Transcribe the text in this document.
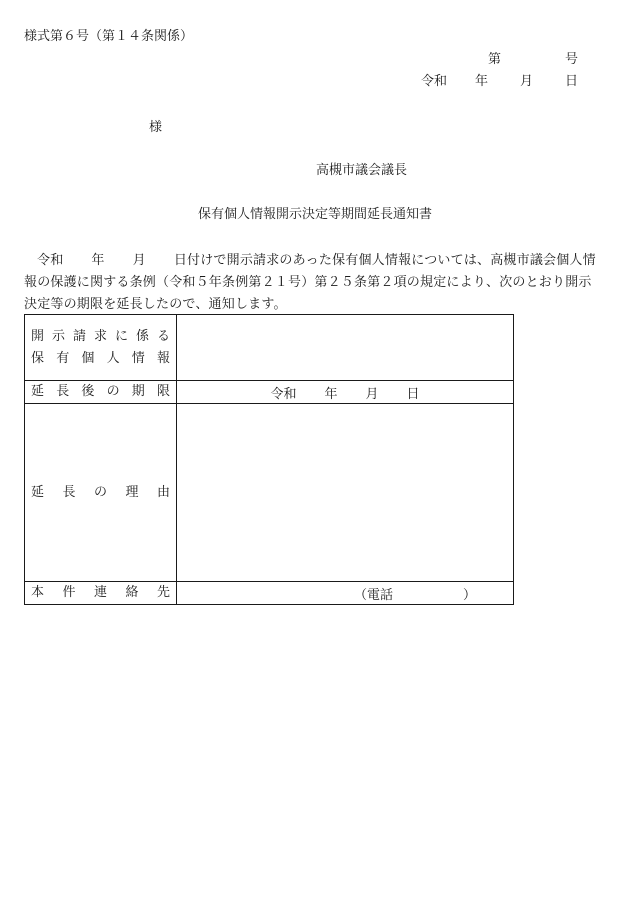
様式第６号（第１４条関係）
第	号
令和 年 月 日
様
高槻市議会議長
保有個人情報開示決定等期間延長通知書
令和 年 月 日付けで開示請求のあった保有個人情報については、高槻市議会個人情報の保護に関する条例（令和５年条例第２１号）第２５条第２項の規定により、次のとおり開示決定等の期限を延長したので、通知します。
開示請求に係る
保有個人情報	

延長後の期限	令和 年 月 日
延長の理由	
本件連絡先	（電話 ）
